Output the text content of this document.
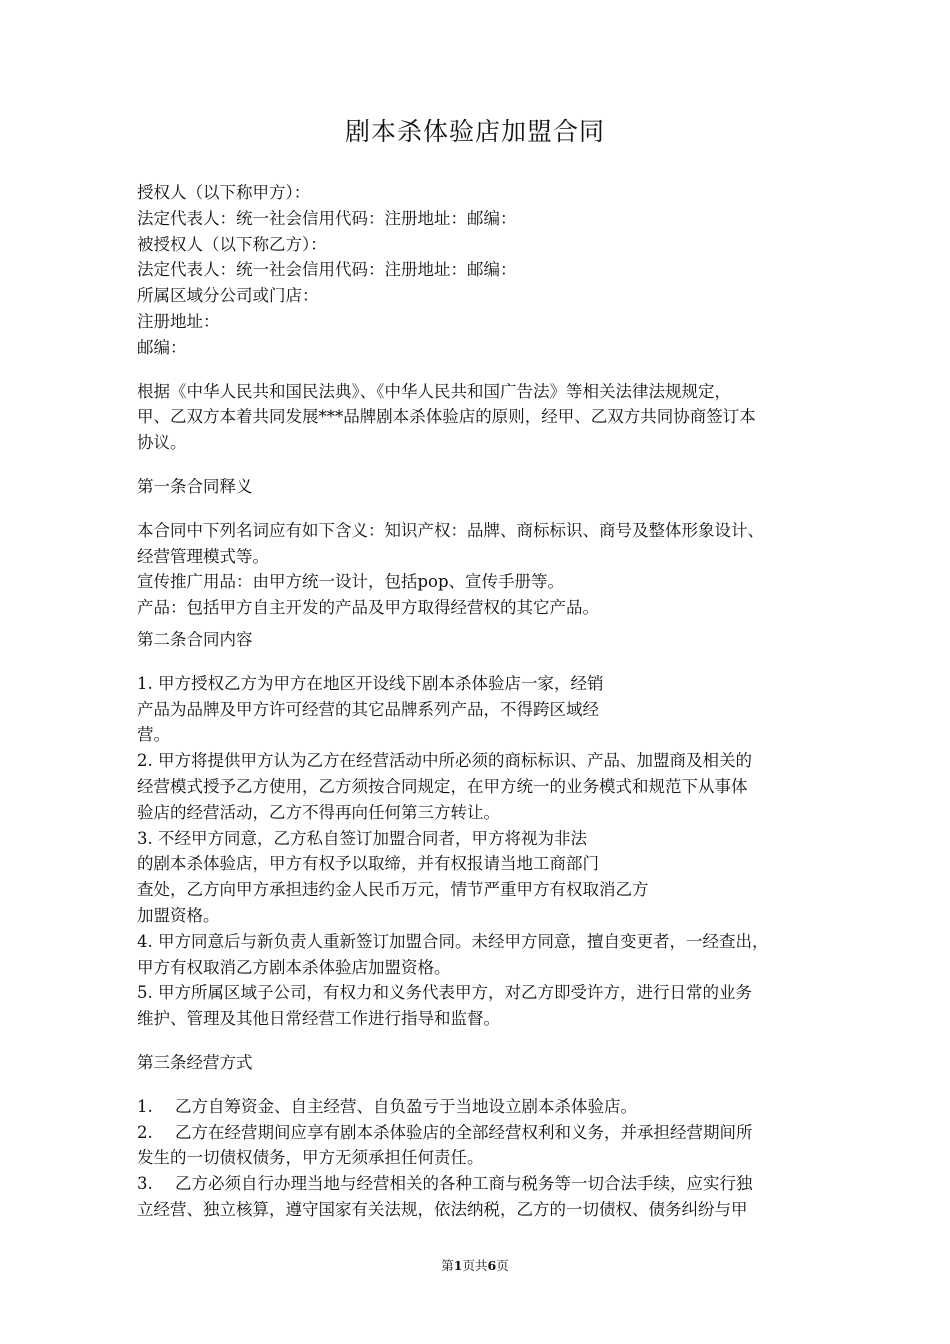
剧本杀体验店加盟合同
授权人（以下称甲方）：
法定代表人：统一社会信用代码：注册地址：邮编：
被授权人（以下称乙方）：
法定代表人：统一社会信用代码：注册地址：邮编：
所属区域分公司或门店：
注册地址：
邮编：
根据《中华人民共和国民法典》、《中华人民共和国广告法》等相关法律法规规定，
甲、乙双方本着共同发展***品牌剧本杀体验店的原则，经甲、乙双方共同协商签订本
协议。
第一条合同释义
本合同中下列名词应有如下含义：知识产权：品牌、商标标识、商号及整体形象设计、
经营管理模式等。
宣传推广用品：由甲方统一设计，包括pop、宣传手册等。
产品：包括甲方自主开发的产品及甲方取得经营权的其它产品。
第二条合同内容
1. 甲方授权乙方为甲方在地区开设线下剧本杀体验店一家，经销
产品为品牌及甲方许可经营的其它品牌系列产品，不得跨区域经
营。
2. 甲方将提供甲方认为乙方在经营活动中所必须的商标标识、产品、加盟商及相关的
经营模式授予乙方使用，乙方须按合同规定，在甲方统一的业务模式和规范下从事体
验店的经营活动，乙方不得再向任何第三方转让。
3. 不经甲方同意，乙方私自签订加盟合同者，甲方将视为非法
的剧本杀体验店，甲方有权予以取缔，并有权报请当地工商部门
查处，乙方向甲方承担违约金人民币万元，情节严重甲方有权取消乙方
加盟资格。
4. 甲方同意后与新负责人重新签订加盟合同。未经甲方同意，擅自变更者，一经查出，
甲方有权取消乙方剧本杀体验店加盟资格。
5. 甲方所属区域子公司，有权力和义务代表甲方，对乙方即受许方，进行日常的业务
维护、管理及其他日常经营工作进行指导和监督。
第三条经营方式
1. 乙方自筹资金、自主经营、自负盈亏于当地设立剧本杀体验店。
2. 乙方在经营期间应享有剧本杀体验店的全部经营权利和义务，并承担经营期间所
发生的一切债权债务，甲方无须承担任何责任。
3. 乙方必须自行办理当地与经营相关的各种工商与税务等一切合法手续，应实行独
立经营、独立核算，遵守国家有关法规，依法纳税，乙方的一切债权、债务纠纷与甲
第1页共6页
